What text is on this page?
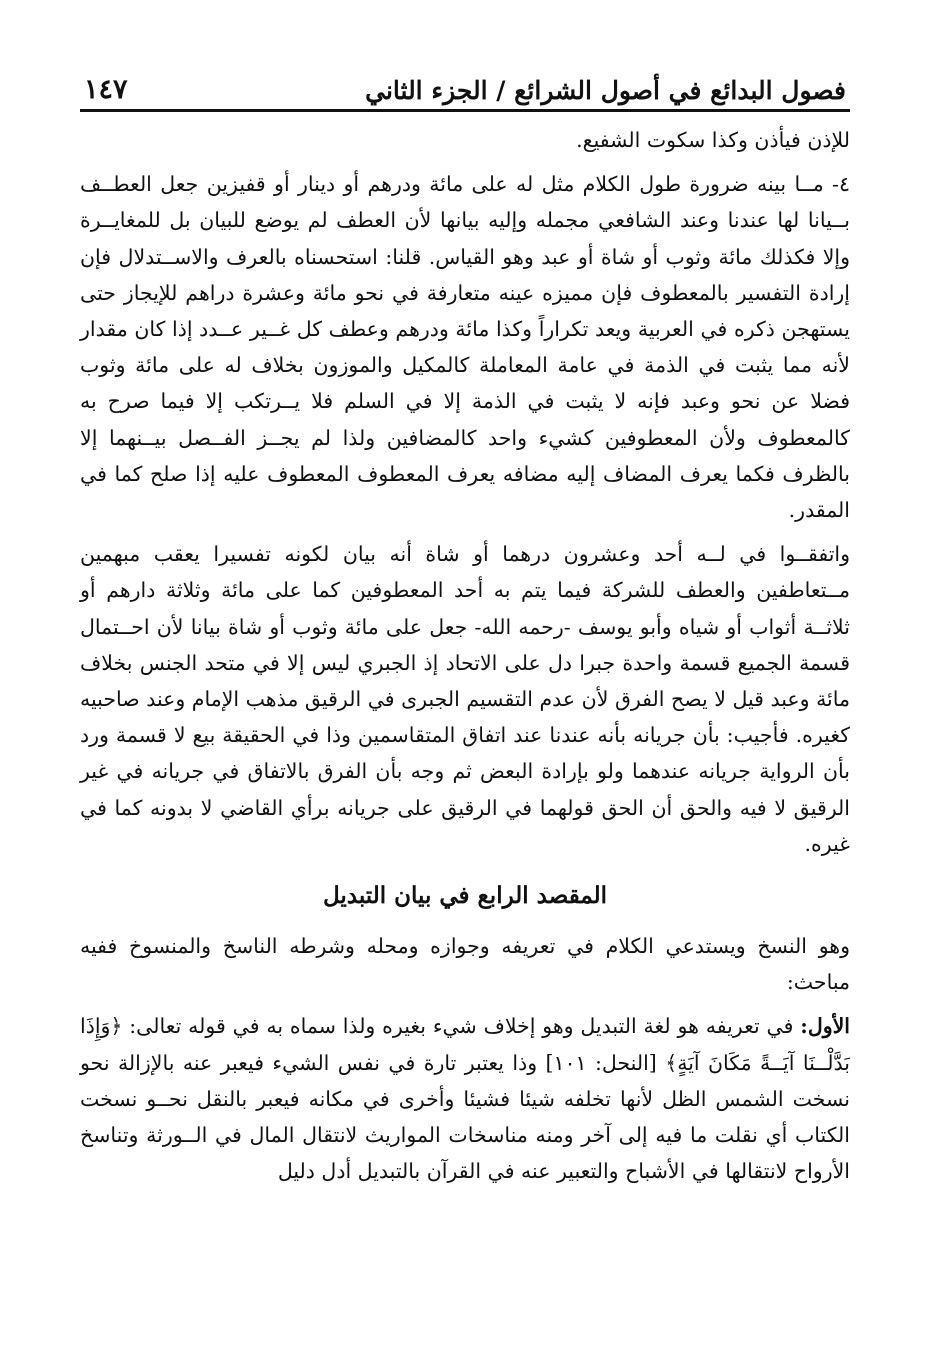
فصول البدائع في أصول الشرائع / الجزء الثاني
١٤٧

للإذن فيأذن وكذا سكوت الشفيع.

٤- مــا بينه ضرورة طول الكلام مثل له على مائة ودرهم أو دينار أو قفيزين جعل العطــف بــيانا لها عندنا وعند الشافعي مجمله وإليه بيانها لأن العطف لم يوضع للبيان بل للمغايــرة وإلا فكذلك مائة وثوب أو شاة أو عبد وهو القياس. قلنا: استحسناه بالعرف والاســتدلال فإن إرادة التفسير بالمعطوف فإن مميزه عينه متعارفة في نحو مائة وعشرة دراهم للإيجاز حتى يستهجن ذكره في العربية ويعد تكراراً وكذا مائة ودرهم وعطف كل غــير عــدد إذا كان مقدار لأنه مما يثبت في الذمة في عامة المعاملة كالمكيل والموزون بخلاف له على مائة وثوب فضلا عن نحو وعبد فإنه لا يثبت في الذمة إلا في السلم فلا يــرتكب إلا فيما صرح به كالمعطوف ولأن المعطوفين كشيء واحد كالمضافين ولذا لم يجــز الفــصل بيــنهما إلا بالظرف فكما يعرف المضاف إليه مضافه يعرف المعطوف المعطوف عليه إذا صلح كما في المقدر.

واتفقــوا في لــه أحد وعشرون درهما أو شاة أنه بيان لكونه تفسيرا يعقب مبهمين مــتعاطفين والعطف للشركة فيما يتم به أحد المعطوفين كما على مائة وثلاثة دارهم أو ثلاثــة أثواب أو شياه وأبو يوسف -رحمه الله- جعل على مائة وثوب أو شاة بيانا لأن احــتمال قسمة الجميع قسمة واحدة جبرا دل على الاتحاد إذ الجبري ليس إلا في متحد الجنس بخلاف مائة وعبد قيل لا يصح الفرق لأن عدم التقسيم الجبرى في الرقيق مذهب الإمام وعند صاحبيه كغيره. فأجيب: بأن جريانه بأنه عندنا عند اتفاق المتقاسمين وذا في الحقيقة بيع لا قسمة ورد بأن الرواية جريانه عندهما ولو بإرادة البعض ثم وجه بأن الفرق بالاتفاق في جريانه في غير الرقيق لا فيه والحق أن الحق قولهما في الرقيق على جريانه برأي القاضي لا بدونه كما في غيره.

المقصد الرابع في بيان التبديل

وهو النسخ ويستدعي الكلام في تعريفه وجوازه ومحله وشرطه الناسخ والمنسوخ ففيه مباحث:

الأول: في تعريفه هو لغة التبديل وهو إخلاف شيء بغيره ولذا سماه به في قوله تعالى: ﴿وَإِذَا بَدَّلْــنَا آيَــةً مَكَانَ آيَةٍ﴾ [النحل: ١٠١] وذا يعتبر تارة في نفس الشيء فيعبر عنه بالإزالة نحو نسخت الشمس الظل لأنها تخلفه شيئا فشيئا وأخرى في مكانه فيعبر بالنقل نحــو نسخت الكتاب أي نقلت ما فيه إلى آخر ومنه مناسخات المواريث لانتقال المال في الــورثة وتناسخ الأرواح لانتقالها في الأشباح والتعبير عنه في القرآن بالتبديل أدل دليل
